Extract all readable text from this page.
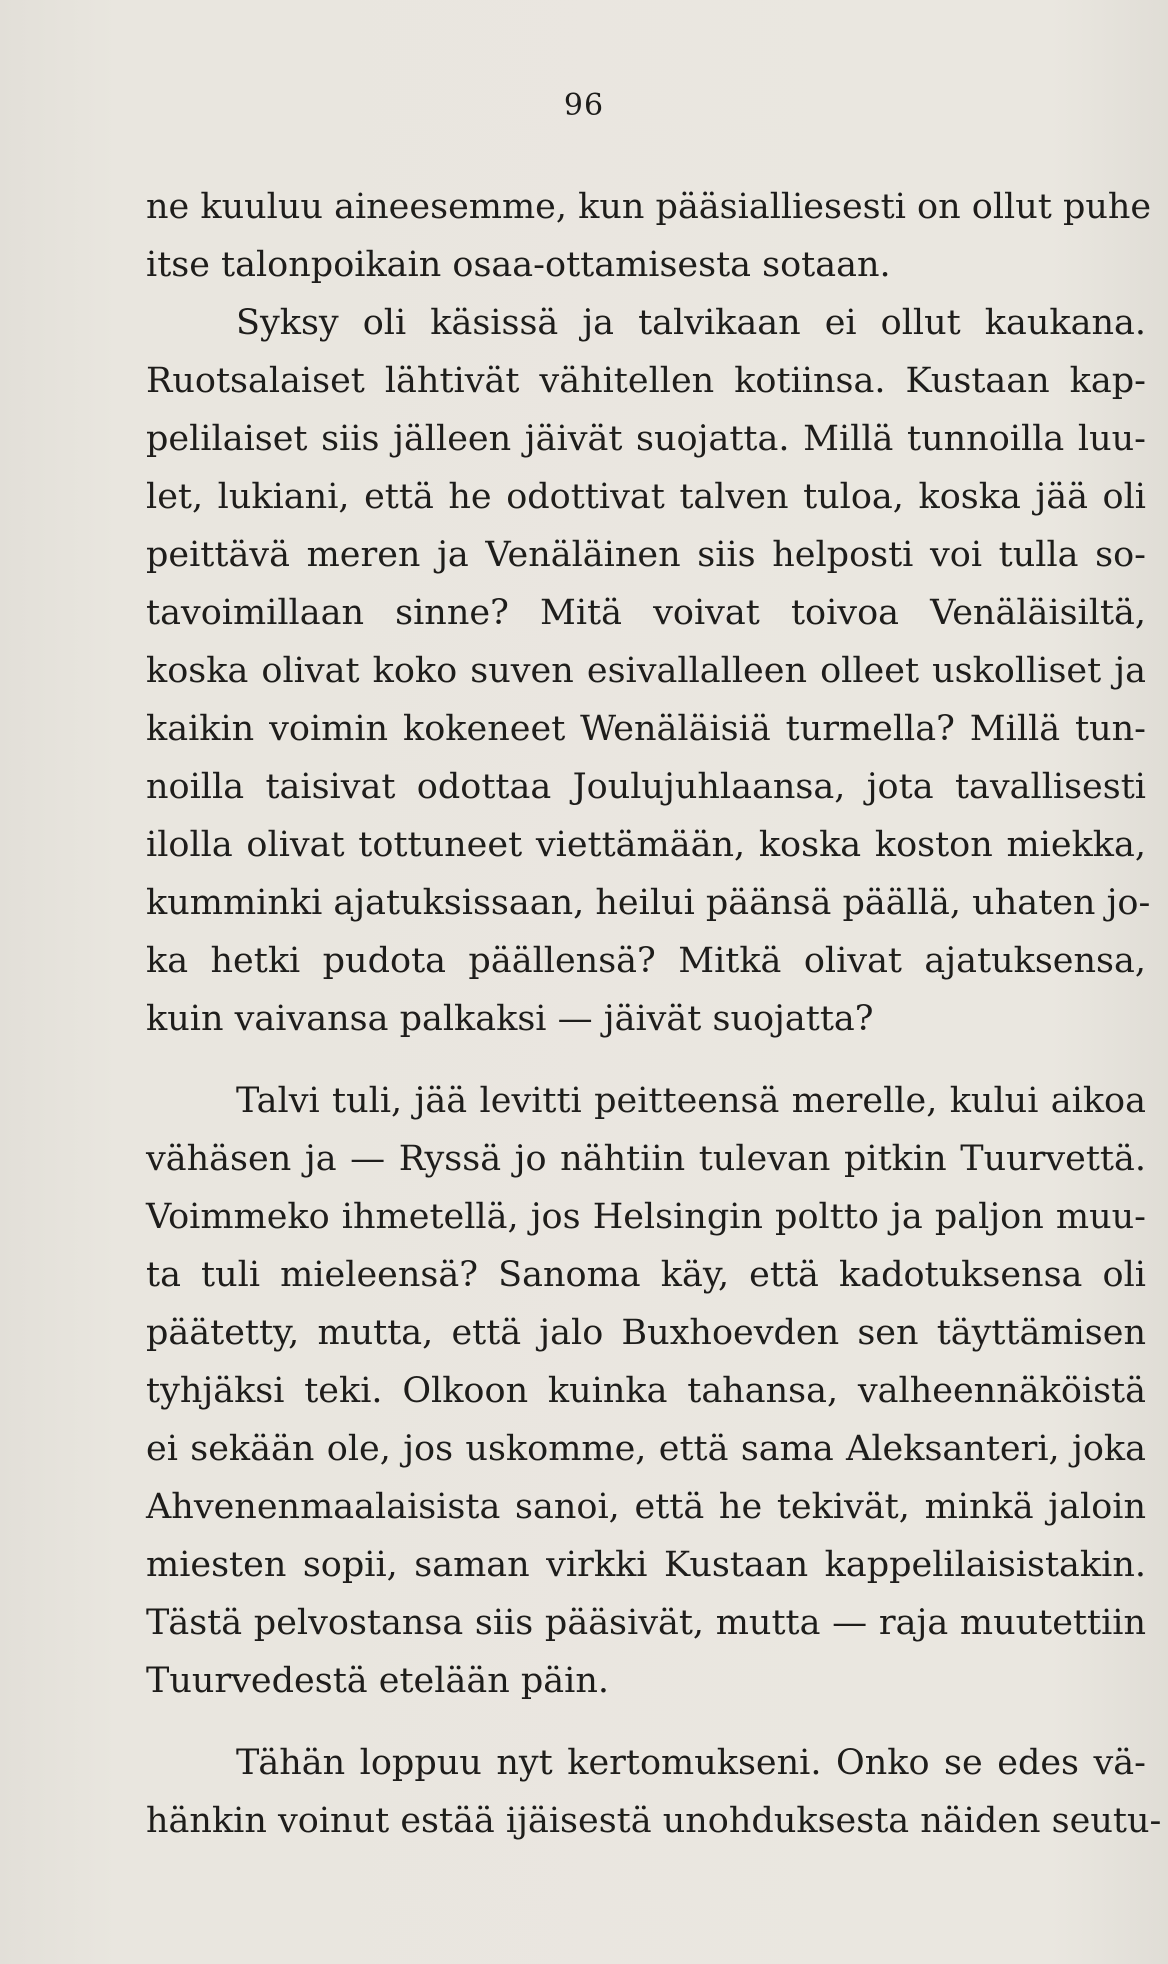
96
ne kuuluu aineesemme, kun pääsialliesesti on ollut puhe
itse talonpoikain osaa-ottamisesta sotaan.
Syksy oli käsissä ja talvikaan ei ollut kaukana.
Ruotsalaiset lähtivät vähitellen kotiinsa. Kustaan kap-
pelilaiset siis jälleen jäivät suojatta. Millä tunnoilla luu-
let, lukiani, että he odottivat talven tuloa, koska jää oli
peittävä meren ja Venäläinen siis helposti voi tulla so-
tavoimillaan sinne? Mitä voivat toivoa Venäläisiltä,
koska olivat koko suven esivallalleen olleet uskolliset ja
kaikin voimin kokeneet Wenäläisiä turmella? Millä tun-
noilla taisivat odottaa Joulujuhlaansa, jota tavallisesti
ilolla olivat tottuneet viettämään, koska koston miekka,
kumminki ajatuksissaan, heilui päänsä päällä, uhaten jo-
ka hetki pudota päällensä? Mitkä olivat ajatuksensa,
kuin vaivansa palkaksi — jäivät suojatta?
Talvi tuli, jää levitti peitteensä merelle, kului aikoa
vähäsen ja — Ryssä jo nähtiin tulevan pitkin Tuurvettä.
Voimmeko ihmetellä, jos Helsingin poltto ja paljon muu-
ta tuli mieleensä? Sanoma käy, että kadotuksensa oli
päätetty, mutta, että jalo Buxhoevden sen täyttämisen
tyhjäksi teki. Olkoon kuinka tahansa, valheennäköistä
ei sekään ole, jos uskomme, että sama Aleksanteri, joka
Ahvenenmaalaisista sanoi, että he tekivät, minkä jaloin
miesten sopii, saman virkki Kustaan kappelilaisistakin.
Tästä pelvostansa siis pääsivät, mutta — raja muutettiin
Tuurvedestä etelään päin.
Tähän loppuu nyt kertomukseni. Onko se edes vä-
hänkin voinut estää ijäisestä unohduksesta näiden seutu-
